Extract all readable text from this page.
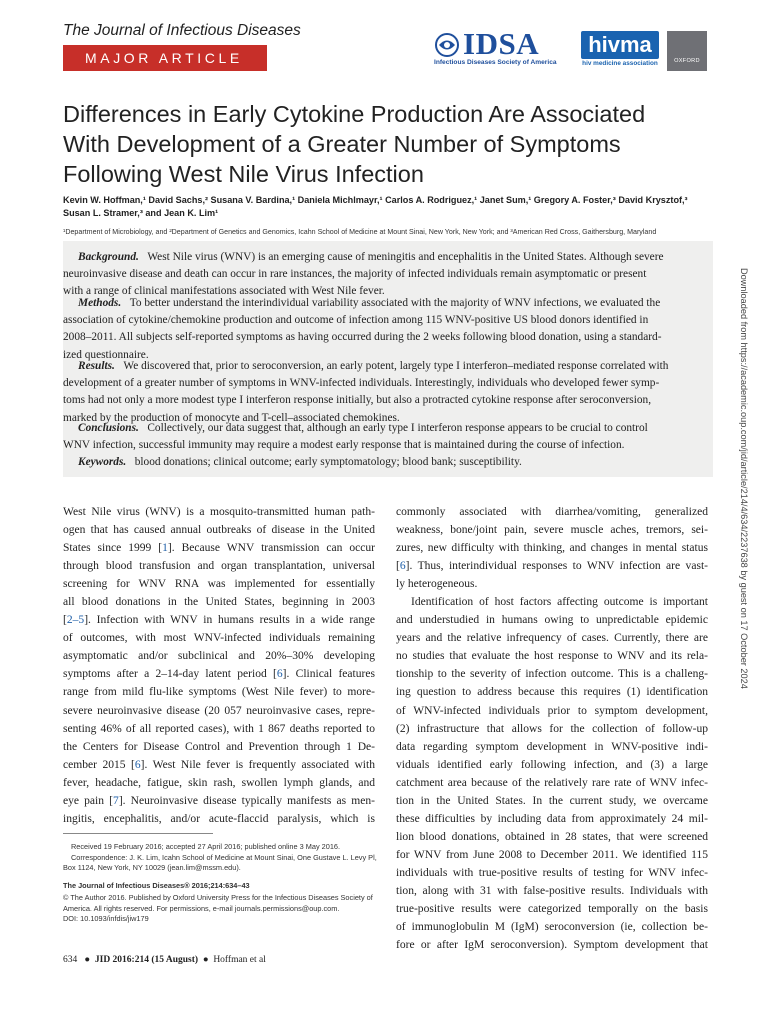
The Journal of Infectious Diseases
MAJOR ARTICLE	IDSA
Infectious Diseases Society of America
hivma
hiv medicine association	OXFORD
Differences in Early Cytokine Production Are Associated
With Development of a Greater Number of Symptoms
Following West Nile Virus Infection
Kevin W. Hoffman,¹ David Sachs,² Susana V. Bardina,¹ Daniela Michlmayr,¹ Carlos A. Rodriguez,¹ Janet Sum,¹ Gregory A. Foster,³ David Krysztof,³
Susan L. Stramer,³ and Jean K. Lim¹
¹Department of Microbiology, and ²Department of Genetics and Genomics, Icahn School of Medicine at Mount Sinai, New York, New York; and ³American Red Cross, Gaithersburg, Maryland
Background. West Nile virus (WNV) is an emerging cause of meningitis and encephalitis in the United States. Although severe
neuroinvasive disease and death can occur in rare instances, the majority of infected individuals remain asymptomatic or present
with a range of clinical manifestations associated with West Nile fever.
Methods. To better understand the interindividual variability associated with the majority of WNV infections, we evaluated the
association of cytokine/chemokine production and outcome of infection among 115 WNV-positive US blood donors identified in
2008–2011. All subjects self-reported symptoms as having occurred during the 2 weeks following blood donation, using a standard-
ized questionnaire.
Results. We discovered that, prior to seroconversion, an early potent, largely type I interferon–mediated response correlated with
development of a greater number of symptoms in WNV-infected individuals. Interestingly, individuals who developed fewer symp-
toms had not only a more modest type I interferon response initially, but also a protracted cytokine response after seroconversion,
marked by the production of monocyte and T-cell–associated chemokines.
Conclusions. Collectively, our data suggest that, although an early type I interferon response appears to be crucial to control
WNV infection, successful immunity may require a modest early response that is maintained during the course of infection.
Keywords. blood donations; clinical outcome; early symptomatology; blood bank; susceptibility.
West Nile virus (WNV) is a mosquito-transmitted human path-
ogen that has caused annual outbreaks of disease in the United
States since 1999 [1]. Because WNV transmission can occur
through blood transfusion and organ transplantation, universal
screening for WNV RNA was implemented for essentially
all blood donations in the United States, beginning in 2003
[2–5]. Infection with WNV in humans results in a wide range
of outcomes, with most WNV-infected individuals remaining
asymptomatic and/or subclinical and 20%–30% developing
symptoms after a 2–14-day latent period [6]. Clinical features
range from mild flu-like symptoms (West Nile fever) to more-
severe neuroinvasive disease (20 057 neuroinvasive cases, repre-
senting 46% of all reported cases), with 1 867 deaths reported to
the Centers for Disease Control and Prevention through 1 De-
cember 2015 [6]. West Nile fever is frequently associated with
fever, headache, fatigue, skin rash, swollen lymph glands, and
eye pain [7]. Neuroinvasive disease typically manifests as men-
ingitis, encephalitis, and/or acute-flaccid paralysis, which is
commonly associated with diarrhea/vomiting, generalized
weakness, bone/joint pain, severe muscle aches, tremors, sei-
zures, new difficulty with thinking, and changes in mental status
[6]. Thus, interindividual responses to WNV infection are vast-
ly heterogeneous.
Identification of host factors affecting outcome is important
and understudied in humans owing to unpredictable epidemic
years and the relative infrequency of cases. Currently, there are
no studies that evaluate the host response to WNV and its rela-
tionship to the severity of infection outcome. This is a challeng-
ing question to address because this requires (1) identification
of WNV-infected individuals prior to symptom development,
(2) infrastructure that allows for the collection of follow-up
data regarding symptom development in WNV-positive indi-
viduals identified early following infection, and (3) a large
catchment area because of the relatively rare rate of WNV infec-
tion in the United States. In the current study, we overcame
these difficulties by including data from approximately 24 mil-
lion blood donations, obtained in 28 states, that were screened
for WNV from June 2008 to December 2011. We identified 115
individuals with true-positive results of testing for WNV infec-
tion, along with 31 with false-positive results. Individuals with
true-positive results were categorized temporally on the basis
of immunoglobulin M (IgM) seroconversion (ie, collection be-
fore or after IgM seroconversion). Symptom development that
Received 19 February 2016; accepted 27 April 2016; published online 3 May 2016.
Correspondence: J. K. Lim, Icahn School of Medicine at Mount Sinai, One Gustave L. Levy Pl,
Box 1124, New York, NY 10029 (jean.lim@mssm.edu).
The Journal of Infectious Diseases® 2016;214:634–43
© The Author 2016. Published by Oxford University Press for the Infectious Diseases Society of
America. All rights reserved. For permissions, e-mail journals.permissions@oup.com.
DOI: 10.1093/infdis/jiw179
634   ●  JID 2016:214 (15 August)  ●  Hoffman et al
Downloaded from https://academic.oup.com/jid/article/214/4/634/2237638 by guest on 17 October 2024
